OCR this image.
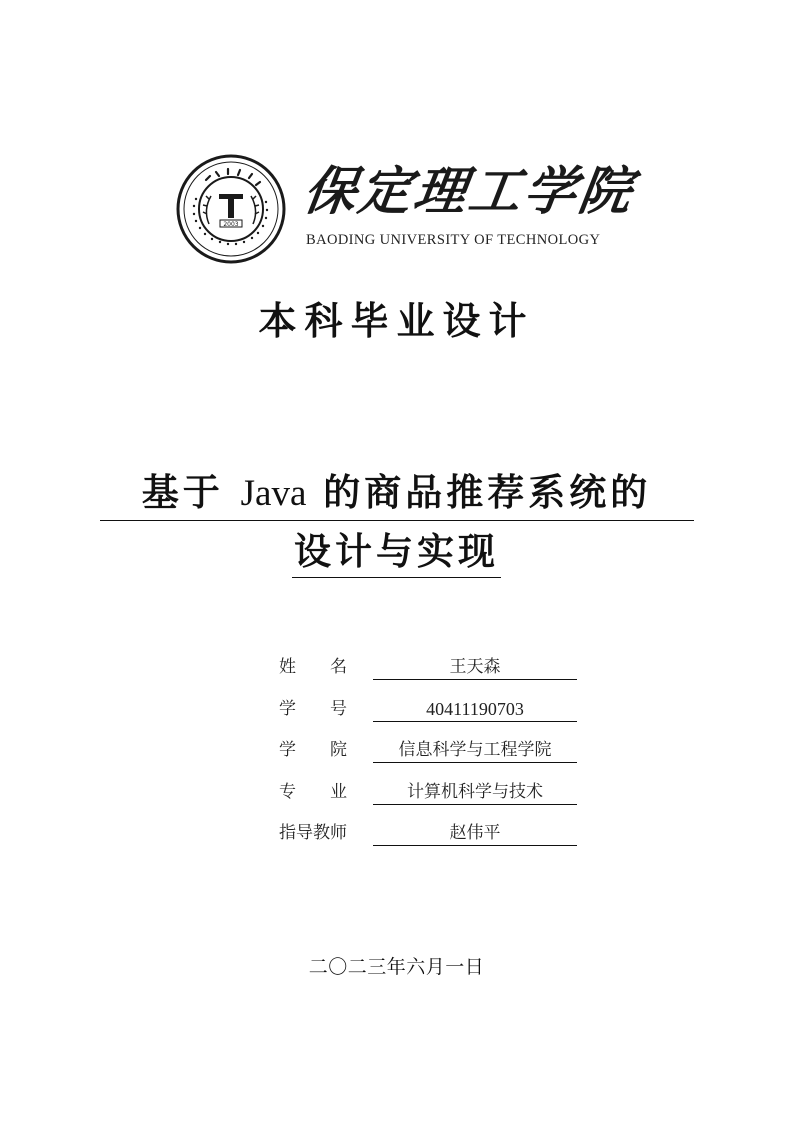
2003
保定理工学院
BAODING UNIVERSITY OF TECHNOLOGY
本科毕业设计
基于 Java 的商品推荐系统的
设计与实现
姓　　名	王天森
学　　号	40411190703
学　　院	信息科学与工程学院
专　　业	计算机科学与技术
指导教师	赵伟平
二〇二三年六月一日
